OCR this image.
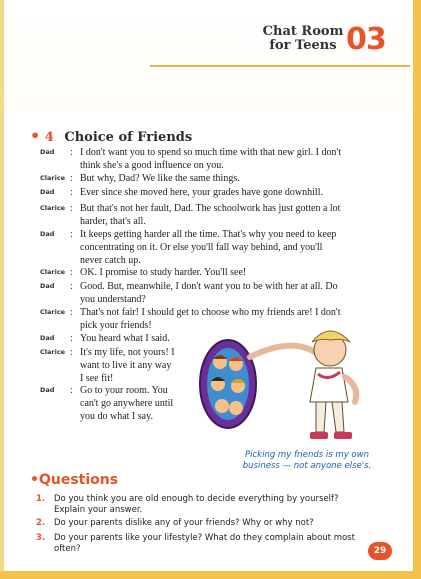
Chat Room
for Teens 03
• 4 Choice of Friends
Dad	: I don't want you to spend so much time with that new girl. I don't
think she's a good influence on you.
Clarice : But why, Dad? We like the same things.
Dad	: Ever since she moved here, your grades have gone downhill.
Clarice : But that's not her fault, Dad. The schoolwork has just gotten a lot
harder, that's all.
Dad	: It keeps getting harder all the time. That's why you need to keep
concentrating on it. Or else you'll fall way behind, and you'll
never catch up.
Clarice : OK. I promise to study harder. You'll see!
Dad	: Good. But, meanwhile, I don't want you to be with her at all. Do
you understand?
Clarice : That's not fair! I should get to choose who my friends are! I don't
pick your friends!
Dad	: You heard what I said.
Clarice : It's my life, not yours! I
want to live it any way
I see fit!
Dad	: Go to your room. You
can't go anywhere until
you do what I say.
Picking my friends is my own
business — not anyone else's.
•Questions
1. Do you think you are old enough to decide everything by yourself?
Explain your answer.
2. Do your parents dislike any of your friends? Why or why not?
3. Do your parents like your lifestyle? What do they complain about most
often?	29
